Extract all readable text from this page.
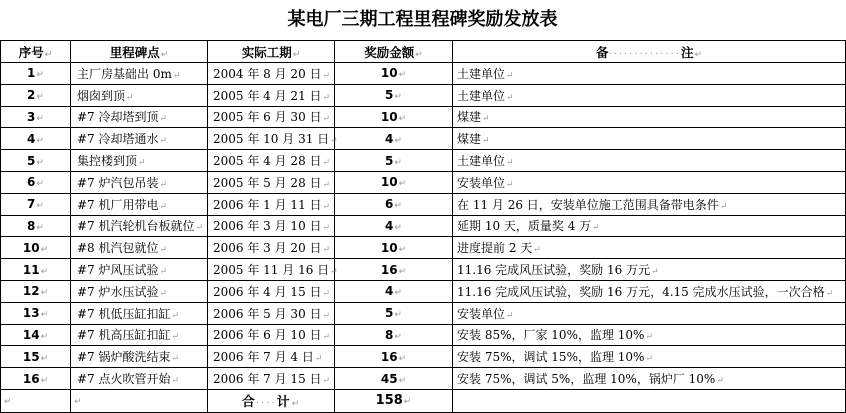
某电厂三期工程里程碑奖励发放表
序号↵	里程碑点↵	实际工期↵	奖励金额↵	备··············注↵
1↵	主厂房基础出 0m↵	2004 年 8 月 20 日↵	10↵	土建单位↵
2↵	烟囱到顶↵	2005 年 4 月 21 日↵	5↵	土建单位↵
3↵	#7 冷却塔到顶↵	2005 年 6 月 30 日↵	10↵	煤建↵
4↵	#7 冷却塔通水↵	2005 年 10 月 31 日↵	4↵	煤建↵
5↵	集控楼到顶↵	2005 年 4 月 28 日↵	5↵	土建单位↵
6↵	#7 炉汽包吊装↵	2005 年 5 月 28 日↵	10↵	安装单位↵
7↵	#7 机厂用带电↵	2006 年 1 月 11 日↵	6↵	在 11 月 26 日，安装单位施工范围具备带电条件↵
8↵	#7 机汽轮机台板就位↵	2006 年 3 月 10 日↵	4↵	延期 10 天，质量奖 4 万↵
10↵	#8 机汽包就位↵	2006 年 3 月 20 日↵	10↵	进度提前 2 天↵
11↵	#7 炉风压试验↵	2005 年 11 月 16 日↵	16↵	11.16 完成风压试验，奖励 16 万元↵
12↵	#7 炉水压试验↵	2006 年 4 月 15 日↵	4↵	11.16 完成风压试验，奖励 16 万元，4.15 完成水压试验，一次合格↵
13↵	#7 机低压缸扣缸↵	2006 年 5 月 30 日↵	5↵	安装单位↵
14↵	#7 机高压缸扣缸↵	2006 年 6 月 10 日↵	8↵	安装 85%，厂家 10%，监理 10%↵
15↵	#7 锅炉酸洗结束↵	2006 年 7 月 4 日↵	16↵	安装 75%，调试 15%，监理 10%↵
16↵	#7 点火吹管开始↵	2006 年 7 月 15 日↵	45↵	安装 75%，调试 5%，监理 10%，锅炉厂 10%↵
↵	↵	合····计↵	158↵	
